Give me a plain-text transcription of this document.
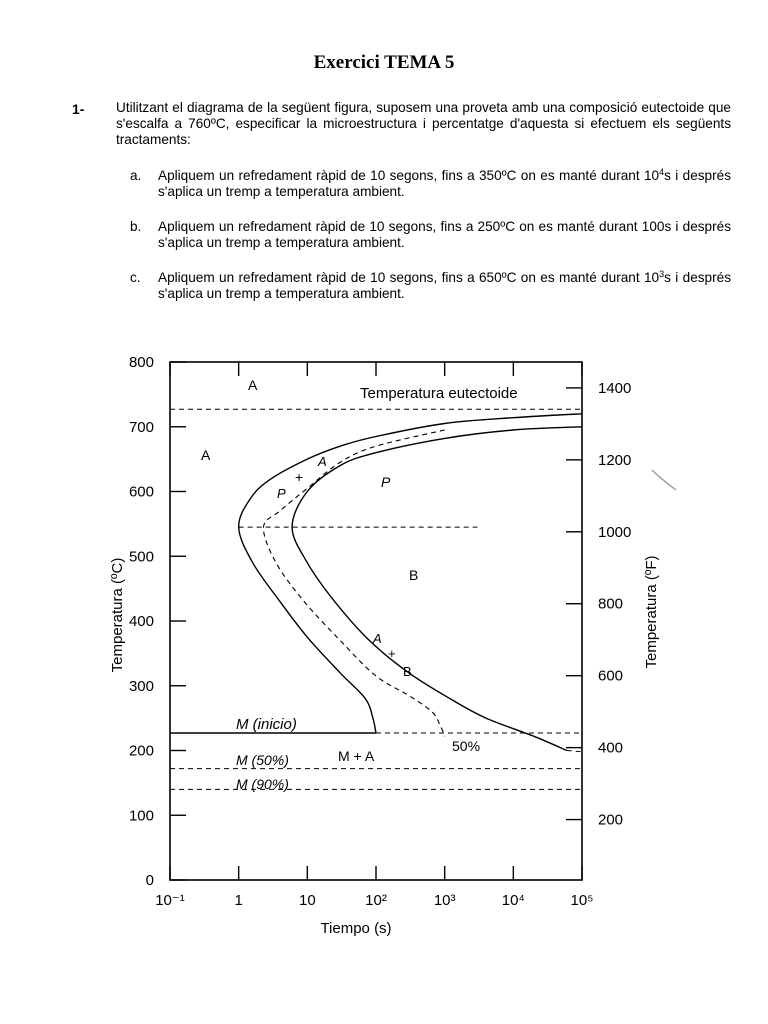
Exercici TEMA 5
1- Utilitzant el diagrama de la següent figura, suposem una proveta amb una composició eutectoide que s'escalfa a 760ºC, especificar la microestructura i percentatge d'aquesta si efectuem els següents tractaments:
a. Apliquem un refredament ràpid de 10 segons, fins a 350ºC on es manté durant $10^4s$ i després s'aplica un tremp a temperatura ambient.
b. Apliquem un refredament ràpid de 10 segons, fins a 250ºC on es manté durant 100s i després s'aplica un tremp a temperatura ambient.
c. Apliquem un refredament ràpid de 10 segons, fins a 650ºC on es manté durant $10^3s$ i després s'aplica un tremp a temperatura ambient.
0
100
200
300
400
500
600
700
800
200
400
600
800
1000
1200
1400
10⁻¹	1	10	10²	10³	10⁴	10⁵
Temperatura eutectoide
M (inicio)
M (50%)
M (90%)
A
A
P
+
A
P
B
A
+
B
M + A
50%
Temperatura (ºC)	Temperatura (ºF)
Tiempo (s)
